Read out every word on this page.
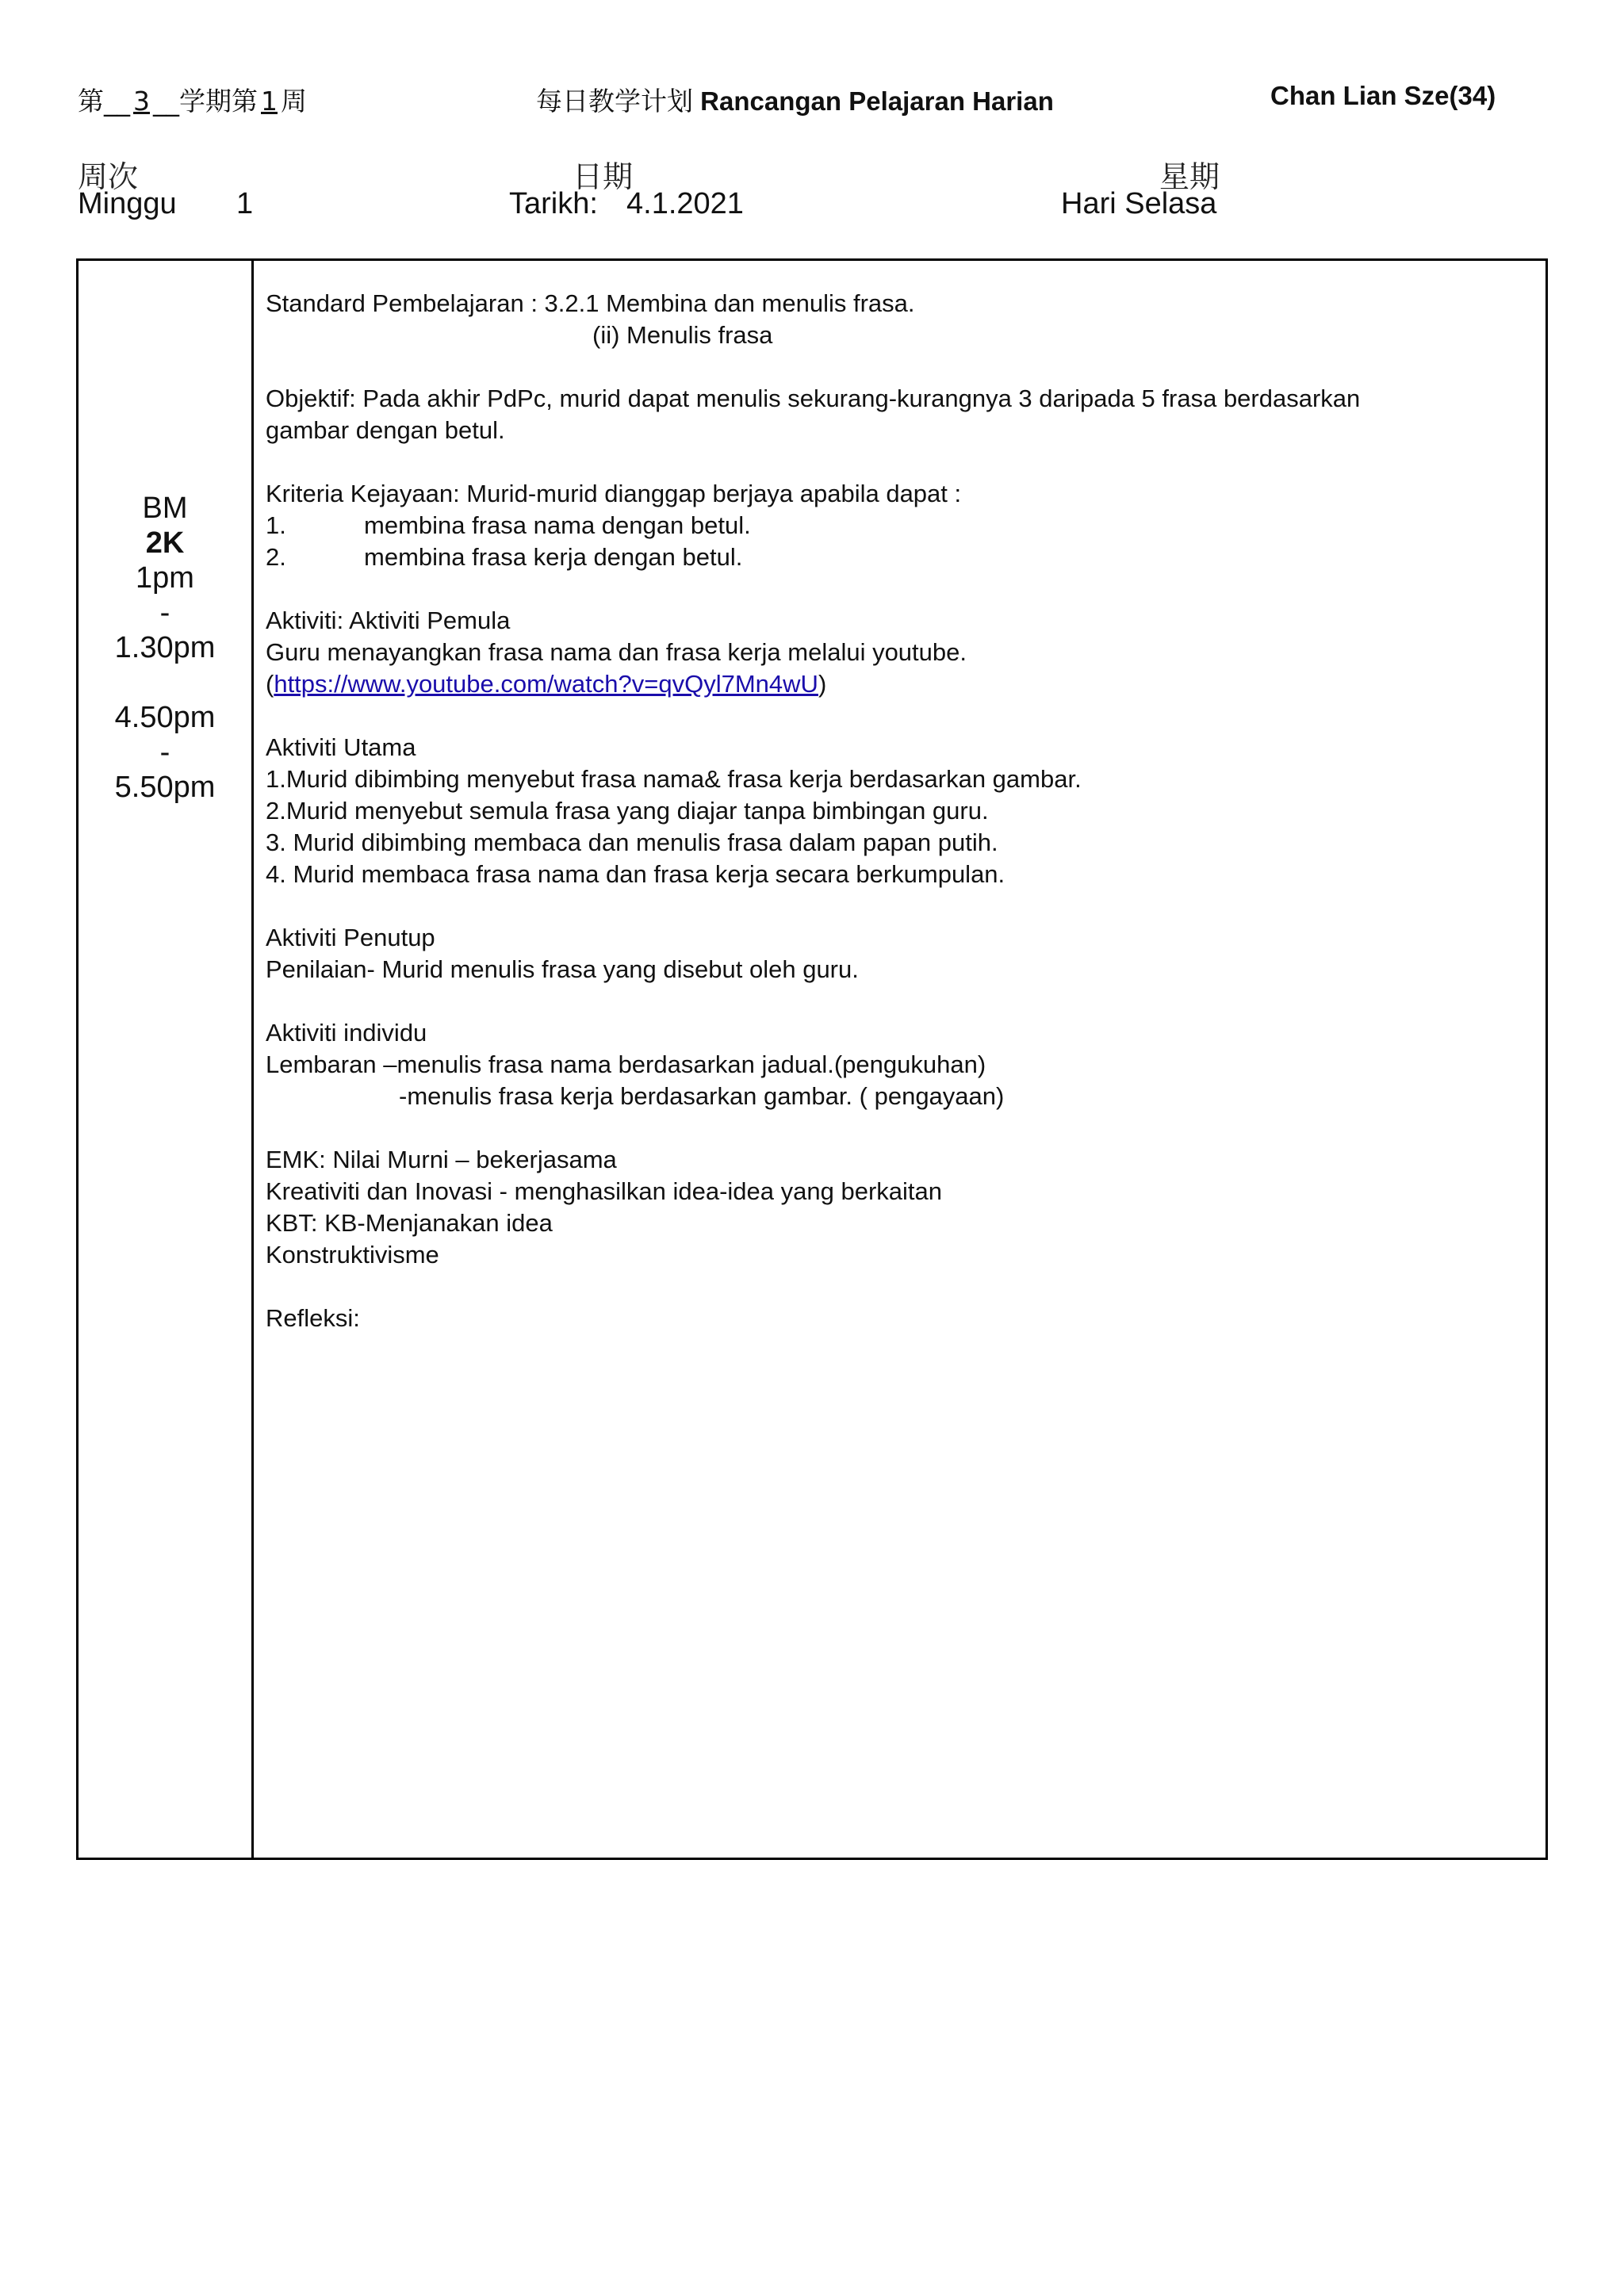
第__ 3 __学期第 1 周	每日教学计划 Rancangan Pelajaran Harian	Chan Lian Sze(34)
周次	日期	星期
Minggu 1	Tarikh: 4.1.2021	Hari Selasa
BM
2K
1pm
-
1.30pm
4.50pm
-
5.50pm

Standard Pembelajaran : 3.2.1 Membina dan menulis frasa.

(ii) Menulis frasa

Objektif: Pada akhir PdPc, murid dapat menulis sekurang-kurangnya 3 daripada 5 frasa berdasarkan

gambar dengan betul.

Kriteria Kejayaan: Murid-murid dianggap berjaya apabila dapat :

1.	membina frasa nama dengan betul.

2.	membina frasa kerja dengan betul.

Aktiviti: Aktiviti Pemula

Guru menayangkan frasa nama dan frasa kerja melalui youtube.

(https://www.youtube.com/watch?v=qvQyl7Mn4wU)

Aktiviti Utama

1.Murid dibimbing menyebut frasa nama& frasa kerja berdasarkan gambar.

2.Murid menyebut semula frasa yang diajar tanpa bimbingan guru.

3. Murid dibimbing membaca dan menulis frasa dalam papan putih.

4. Murid membaca frasa nama dan frasa kerja secara berkumpulan.

Aktiviti Penutup

Penilaian- Murid menulis frasa yang disebut oleh guru.

Aktiviti individu

Lembaran –menulis frasa nama berdasarkan jadual.(pengukuhan)

-menulis frasa kerja berdasarkan gambar. ( pengayaan)

EMK: Nilai Murni – bekerjasama

Kreativiti dan Inovasi - menghasilkan idea-idea yang berkaitan

KBT: KB-Menjanakan idea

Konstruktivisme

Refleksi:
